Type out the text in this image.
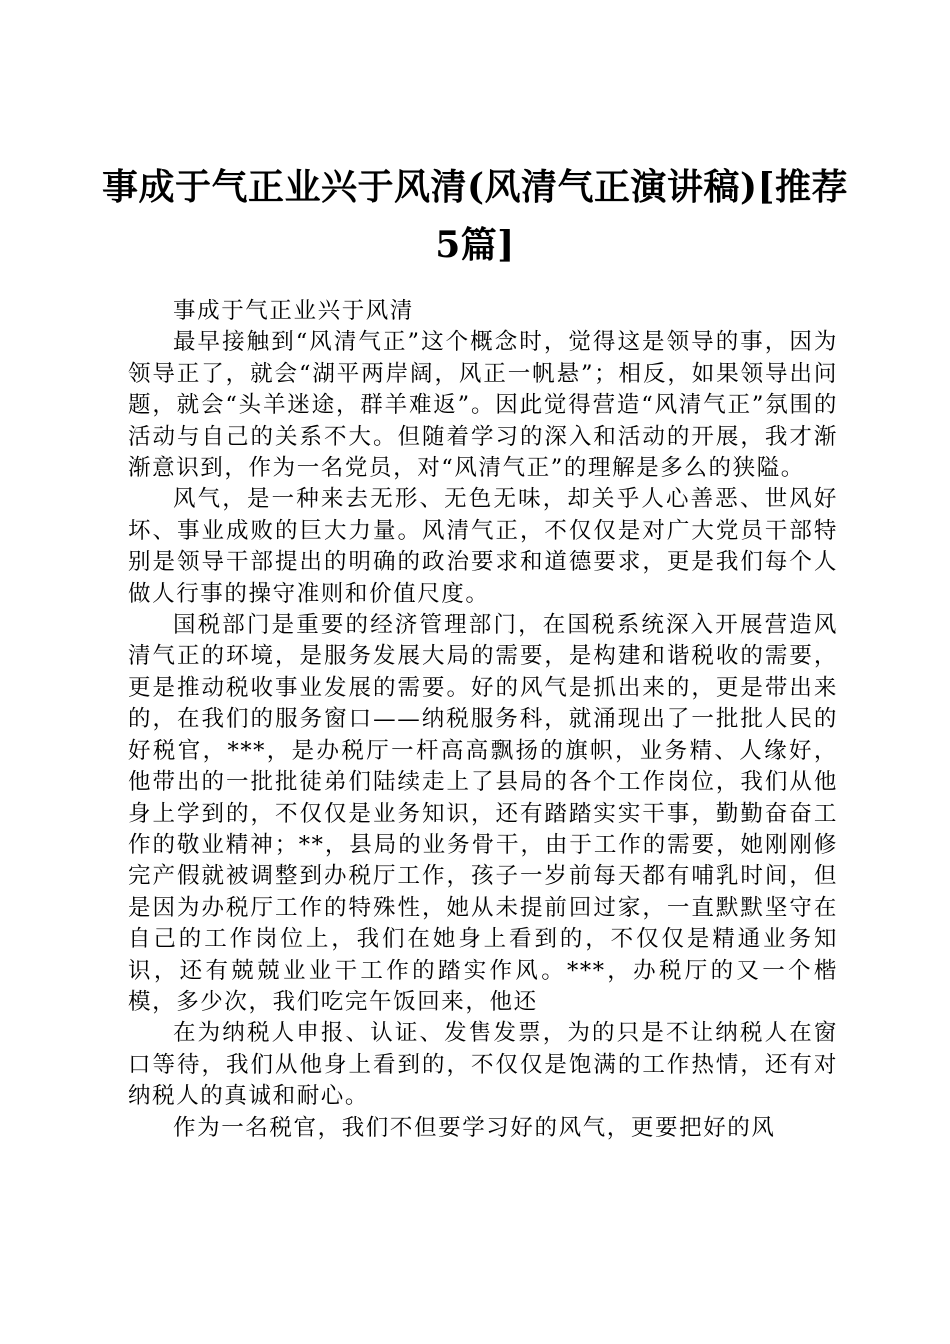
事成于气正业兴于风清(风清气正演讲稿)[推荐5篇]

事成于气正业兴于风清

最早接触到“风清气正”这个概念时，觉得这是领导的事，因为领导正了，就会“湖平两岸阔，风正一帆悬”；相反，如果领导出问题，就会“头羊迷途，群羊难返”。因此觉得营造“风清气正”氛围的活动与自己的关系不大。但随着学习的深入和活动的开展，我才渐渐意识到，作为一名党员，对“风清气正”的理解是多么的狭隘。

风气，是一种来去无形、无色无味，却关乎人心善恶、世风好坏、事业成败的巨大力量。风清气正，不仅仅是对广大党员干部特别是领导干部提出的明确的政治要求和道德要求，更是我们每个人做人行事的操守准则和价值尺度。

国税部门是重要的经济管理部门，在国税系统深入开展营造风清气正的环境，是服务发展大局的需要，是构建和谐税收的需要，更是推动税收事业发展的需要。好的风气是抓出来的，更是带出来的，在我们的服务窗口——纳税服务科，就涌现出了一批批人民的好税官，***，是办税厅一杆高高飘扬的旗帜，业务精、人缘好，他带出的一批批徒弟们陆续走上了县局的各个工作岗位，我们从他身上学到的，不仅仅是业务知识，还有踏踏实实干事，勤勤奋奋工作的敬业精神；**，县局的业务骨干，由于工作的需要，她刚刚修完产假就被调整到办税厅工作，孩子一岁前每天都有哺乳时间，但是因为办税厅工作的特殊性，她从未提前回过家，一直默默坚守在自己的工作岗位上，我们在她身上看到的，不仅仅是精通业务知识，还有兢兢业业干工作的踏实作风。***，办税厅的又一个楷模，多少次，我们吃完午饭回来，他还

在为纳税人申报、认证、发售发票，为的只是不让纳税人在窗口等待，我们从他身上看到的，不仅仅是饱满的工作热情，还有对纳税人的真诚和耐心。

作为一名税官，我们不但要学习好的风气，更要把好的风
